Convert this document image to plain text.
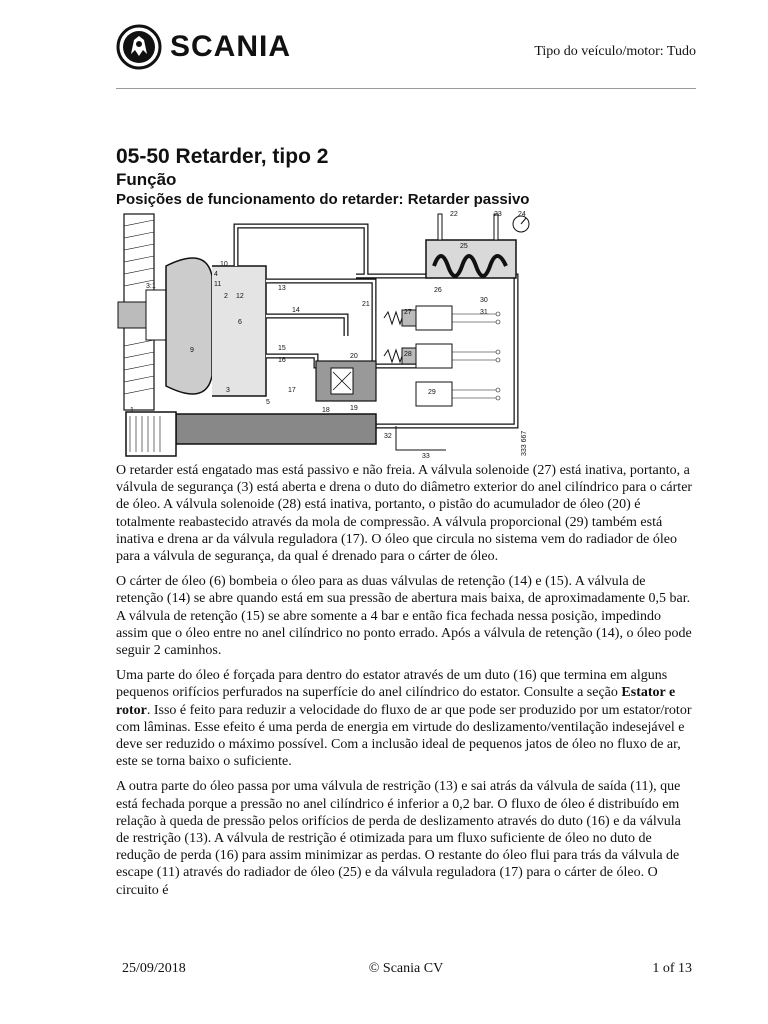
SCANIA	Tipo do veículo/motor: Tudo
05-50 Retarder, tipo 2
Função
Posições de funcionamento do retarder: Retarder passivo
3:1
1
2
3
4
5
6
9
10
11
12
13
14
15
16
17
18	19
20
21
22	23 24
25
26
27
28
29
30
31
32
33
333 667

O retarder está engatado mas está passivo e não freia. A válvula solenoide (27) está inativa, portanto, a válvula de segurança (3) está aberta e drena o duto do diâmetro exterior do anel cilíndrico para o cárter de óleo. A válvula solenoide (28) está inativa, portanto, o pistão do acumulador de óleo (20) é totalmente reabastecido através da mola de compressão. A válvula proporcional (29) também está inativa e drena ar da válvula reguladora (17). O óleo que circula no sistema vem do radiador de óleo para a válvula de segurança, da qual é drenado para o cárter de óleo.

O cárter de óleo (6) bombeia o óleo para as duas válvulas de retenção (14) e (15). A válvula de retenção (14) se abre quando está em sua pressão de abertura mais baixa, de aproximadamente 0,5 bar. A válvula de retenção (15) se abre somente a 4 bar e então fica fechada nessa posição, impedindo assim que o óleo entre no anel cilíndrico no ponto errado. Após a válvula de retenção (14), o óleo pode seguir 2 caminhos.

Uma parte do óleo é forçada para dentro do estator através de um duto (16) que termina em alguns pequenos orifícios perfurados na superfície do anel cilíndrico do estator. Consulte a seção Estator e rotor. Isso é feito para reduzir a velocidade do fluxo de ar que pode ser produzido por um estator/rotor com lâminas. Esse efeito é uma perda de energia em virtude do deslizamento/ventilação indesejável e deve ser reduzido o máximo possível. Com a inclusão ideal de pequenos jatos de óleo no fluxo de ar, este se torna baixo o suficiente.

A outra parte do óleo passa por uma válvula de restrição (13) e sai atrás da válvula de saída (11), que está fechada porque a pressão no anel cilíndrico é inferior a 0,2 bar. O fluxo de óleo é distribuído em relação à queda de pressão pelos orifícios de perda de deslizamento através do duto (16) e da válvula de restrição (13). A válvula de restrição é otimizada para um fluxo suficiente de óleo no duto de redução de perda (16) para assim minimizar as perdas. O restante do óleo flui para trás da válvula de escape (11) através do radiador de óleo (25) e da válvula reguladora (17) para o cárter de óleo. O circuito é

25/09/2018	© Scania CV	1 of 13
